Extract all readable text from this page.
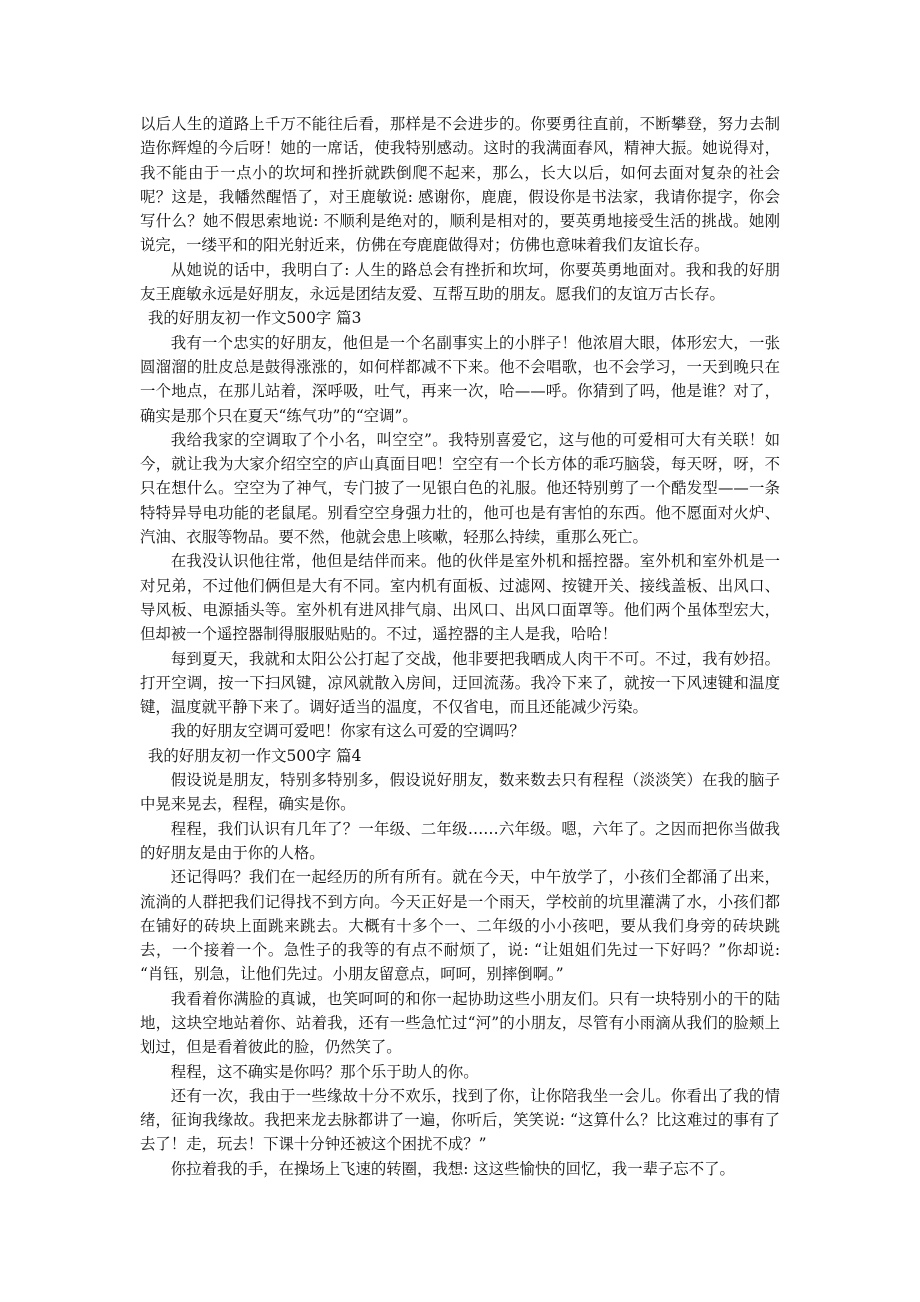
以后人生的道路上千万不能往后看，那样是不会进步的。你要勇往直前，不断攀登，努力去制造你辉煌的今后呀！她的一席话，使我特别感动。这时的我满面春风，精神大振。她说得对，我不能由于一点小的坎坷和挫折就跌倒爬不起来，那么，长大以后，如何去面对复杂的社会呢？这是，我幡然醒悟了，对王鹿敏说: 感谢你，鹿鹿，假设你是书法家，我请你提字，你会写什么？她不假思索地说: 不顺利是绝对的，顺利是相对的，要英勇地接受生活的挑战。她刚说完，一缕平和的阳光射近来，仿佛在夸鹿鹿做得对；仿佛也意味着我们友谊长存。

从她说的话中，我明白了: 人生的路总会有挫折和坎坷，你要英勇地面对。我和我的好朋友王鹿敏永远是好朋友，永远是团结友爱、互帮互助的朋友。愿我们的友谊万古长存。

我的好朋友初一作文500字 篇3

我有一个忠实的好朋友，他但是一个名副事实上的小胖子！他浓眉大眼，体形宏大，一张圆溜溜的肚皮总是鼓得涨涨的，如何样都减不下来。他不会唱歌，也不会学习，一天到晚只在一个地点，在那儿站着，深呼吸，吐气，再来一次，哈——呼。你猜到了吗，他是谁？对了，确实是那个只在夏天“练气功”的“空调”。

我给我家的空调取了个小名，叫空空”。我特别喜爱它，这与他的可爱相可大有关联！如今，就让我为大家介绍空空的庐山真面目吧！空空有一个长方体的乖巧脑袋，每天呀，呀，不只在想什么。空空为了神气，专门披了一见银白色的礼服。他还特别剪了一个酷发型——一条特特异导电功能的老鼠尾。别看空空身强力壮的，他可也是有害怕的东西。他不愿面对火炉、汽油、衣服等物品。要不然，他就会患上咳嗽，轻那么持续，重那么死亡。

在我没认识他往常，他但是结伴而来。他的伙伴是室外机和摇控器。室外机和室外机是一对兄弟，不过他们俩但是大有不同。室内机有面板、过滤网、按键开关、接线盖板、出风口、导风板、电源插头等。室外机有进风排气扇、出风口、出风口面罩等。他们两个虽体型宏大，但却被一个遥控器制得服服贴贴的。不过，遥控器的主人是我，哈哈！

每到夏天，我就和太阳公公打起了交战，他非要把我晒成人肉干不可。不过，我有妙招。打开空调，按一下扫风键，凉风就散入房间，迂回流荡。我冷下来了，就按一下风速键和温度键，温度就平静下来了。调好适当的温度，不仅省电，而且还能减少污染。

我的好朋友空调可爱吧！你家有这么可爱的空调吗？

我的好朋友初一作文500字 篇4

假设说是朋友，特别多特别多，假设说好朋友，数来数去只有程程（淡淡笑）在我的脑子中晃来晃去，程程，确实是你。

程程，我们认识有几年了？一年级、二年级……六年级。嗯，六年了。之因而把你当做我的好朋友是由于你的人格。

还记得吗？我们在一起经历的所有所有。就在今天，中午放学了，小孩们全都涌了出来，流淌的人群把我们记得找不到方向。今天正好是一个雨天，学校前的坑里灌满了水，小孩们都在铺好的砖块上面跳来跳去。大概有十多个一、二年级的小小孩吧，要从我们身旁的砖块跳去，一个接着一个。急性子的我等的有点不耐烦了，说: “让姐姐们先过一下好吗？”你却说: “肖钰，别急，让他们先过。小朋友留意点，呵呵，别摔倒啊。”

我看着你满脸的真诚，也笑呵呵的和你一起协助这些小朋友们。只有一块特别小的干的陆地，这块空地站着你、站着我，还有一些急忙过“河”的小朋友，尽管有小雨滴从我们的脸颊上划过，但是看着彼此的脸，仍然笑了。

程程，这不确实是你吗？那个乐于助人的你。

还有一次，我由于一些缘故十分不欢乐，找到了你，让你陪我坐一会儿。你看出了我的情绪，征询我缘故。我把来龙去脉都讲了一遍，你听后，笑笑说: “这算什么？比这难过的事有了去了！走，玩去！下课十分钟还被这个困扰不成？”

你拉着我的手，在操场上飞速的转圈，我想: 这这些愉快的回忆，我一辈子忘不了。
